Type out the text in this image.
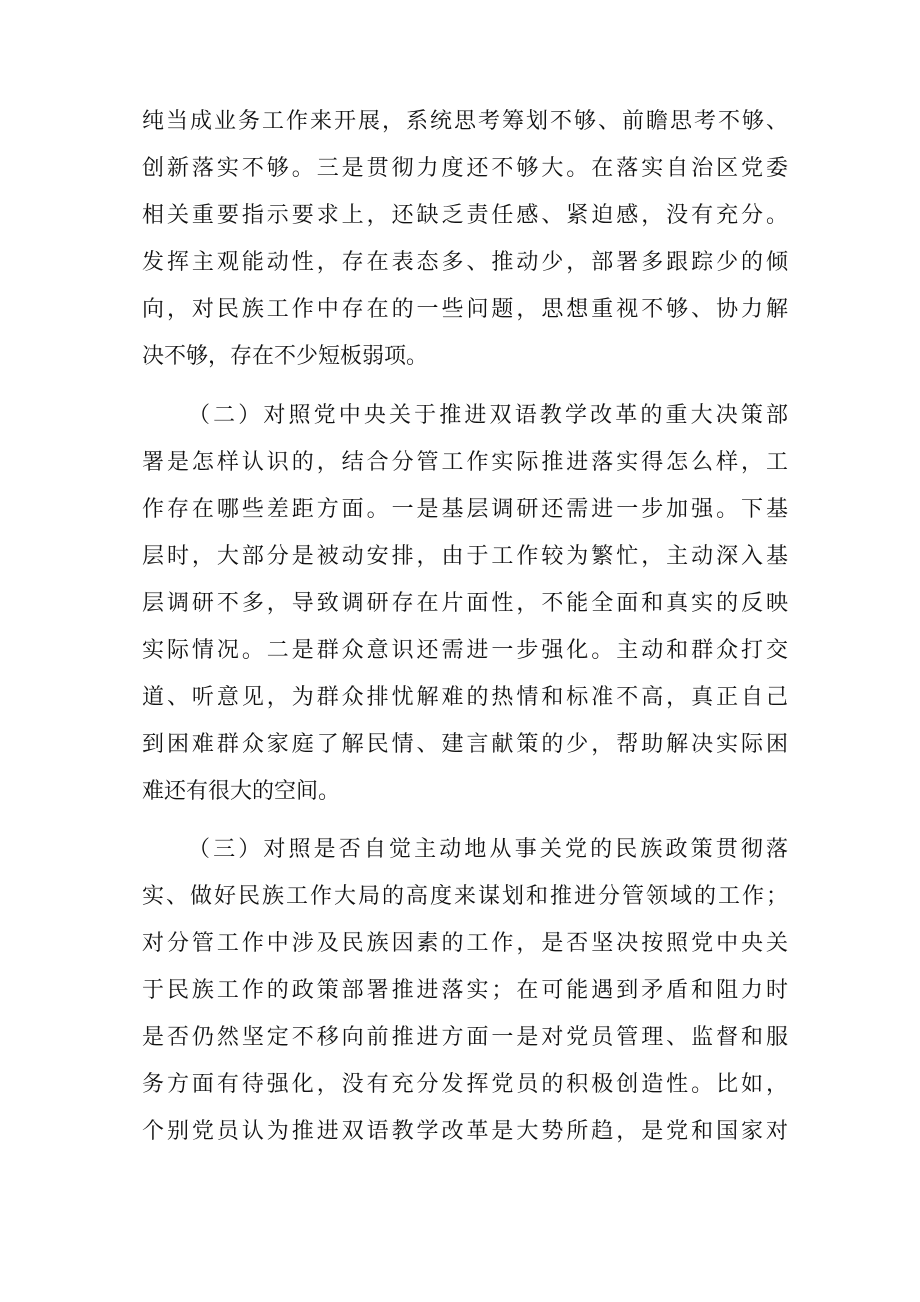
纯当成业务工作来开展，系统思考筹划不够、前瞻思考不够、
创新落实不够。三是贯彻力度还不够大。在落实自治区党委
相关重要指示要求上，还缺乏责任感、紧迫感，没有充分。
发挥主观能动性，存在表态多、推动少，部署多跟踪少的倾
向，对民族工作中存在的一些问题，思想重视不够、协力解
决不够，存在不少短板弱项。
（二）对照党中央关于推进双语教学改革的重大决策部
署是怎样认识的，结合分管工作实际推进落实得怎么样，工
作存在哪些差距方面。一是基层调研还需进一步加强。下基
层时，大部分是被动安排，由于工作较为繁忙，主动深入基
层调研不多，导致调研存在片面性，不能全面和真实的反映
实际情况。二是群众意识还需进一步强化。主动和群众打交
道、听意见，为群众排忧解难的热情和标准不高，真正自己
到困难群众家庭了解民情、建言献策的少，帮助解决实际困
难还有很大的空间。
（三）对照是否自觉主动地从事关党的民族政策贯彻落
实、做好民族工作大局的高度来谋划和推进分管领域的工作；
对分管工作中涉及民族因素的工作，是否坚决按照党中央关
于民族工作的政策部署推进落实；在可能遇到矛盾和阻力时
是否仍然坚定不移向前推进方面一是对党员管理、监督和服
务方面有待强化，没有充分发挥党员的积极创造性。比如，
个别党员认为推进双语教学改革是大势所趋，是党和国家对
